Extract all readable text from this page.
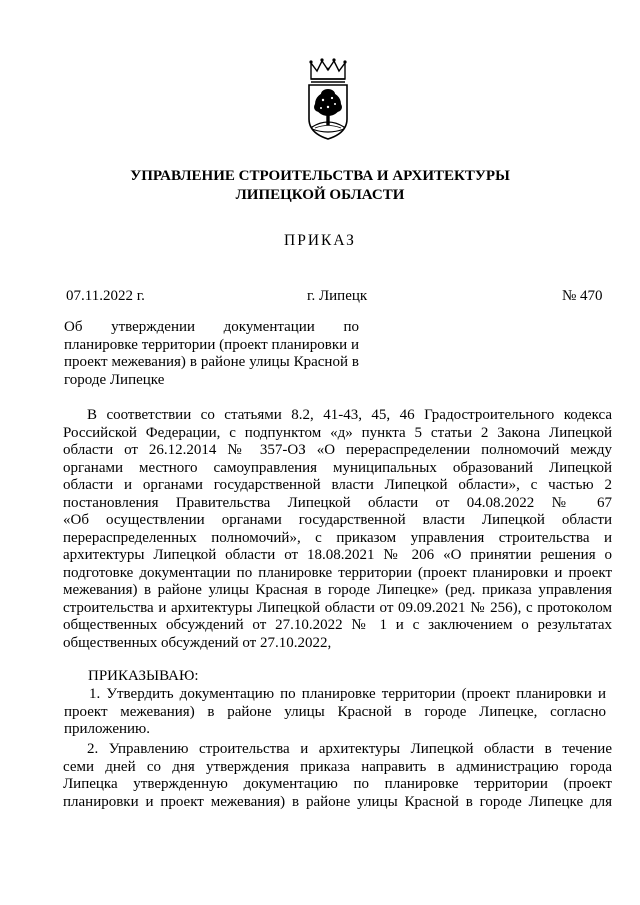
УПРАВЛЕНИЕ СТРОИТЕЛЬСТВА И АРХИТЕКТУРЫ
ЛИПЕЦКОЙ ОБЛАСТИ
ПРИКАЗ
07.11.2022 г.	г. Липецк	№ 470
Об утверждении документации по
планировке территории (проект планировки и
проект межевания) в районе улицы Красной в
городе Липецке
В соответствии со статьями 8.2, 41-43, 45, 46 Градостроительного кодекса
Российской Федерации, с подпунктом «д» пункта 5 статьи 2 Закона Липецкой
области от 26.12.2014 № 357-ОЗ «О перераспределении полномочий между
органами местного самоуправления муниципальных образований Липецкой
области и органами государственной власти Липецкой области», с частью 2
постановления Правительства Липецкой области от 04.08.2022 № 67
«Об осуществлении органами государственной власти Липецкой области
перераспределенных полномочий», с приказом управления строительства и
архитектуры Липецкой области от 18.08.2021 № 206 «О принятии решения о
подготовке документации по планировке территории (проект планировки и проект
межевания) в районе улицы Красная в городе Липецке» (ред. приказа управления
строительства и архитектуры Липецкой области от 09.09.2021 № 256), с протоколом
общественных обсуждений от 27.10.2022 № 1 и с заключением о результатах
общественных обсуждений от 27.10.2022,
ПРИКАЗЫВАЮ:
1. Утвердить документацию по планировке территории (проект планировки и
проект межевания) в районе улицы Красной в городе Липецке, согласно
приложению.
2. Управлению строительства и архитектуры Липецкой области в течение
семи дней со дня утверждения приказа направить в администрацию города
Липецка утвержденную документацию по планировке территории (проект
планировки и проект межевания) в районе улицы Красной в городе Липецке для
